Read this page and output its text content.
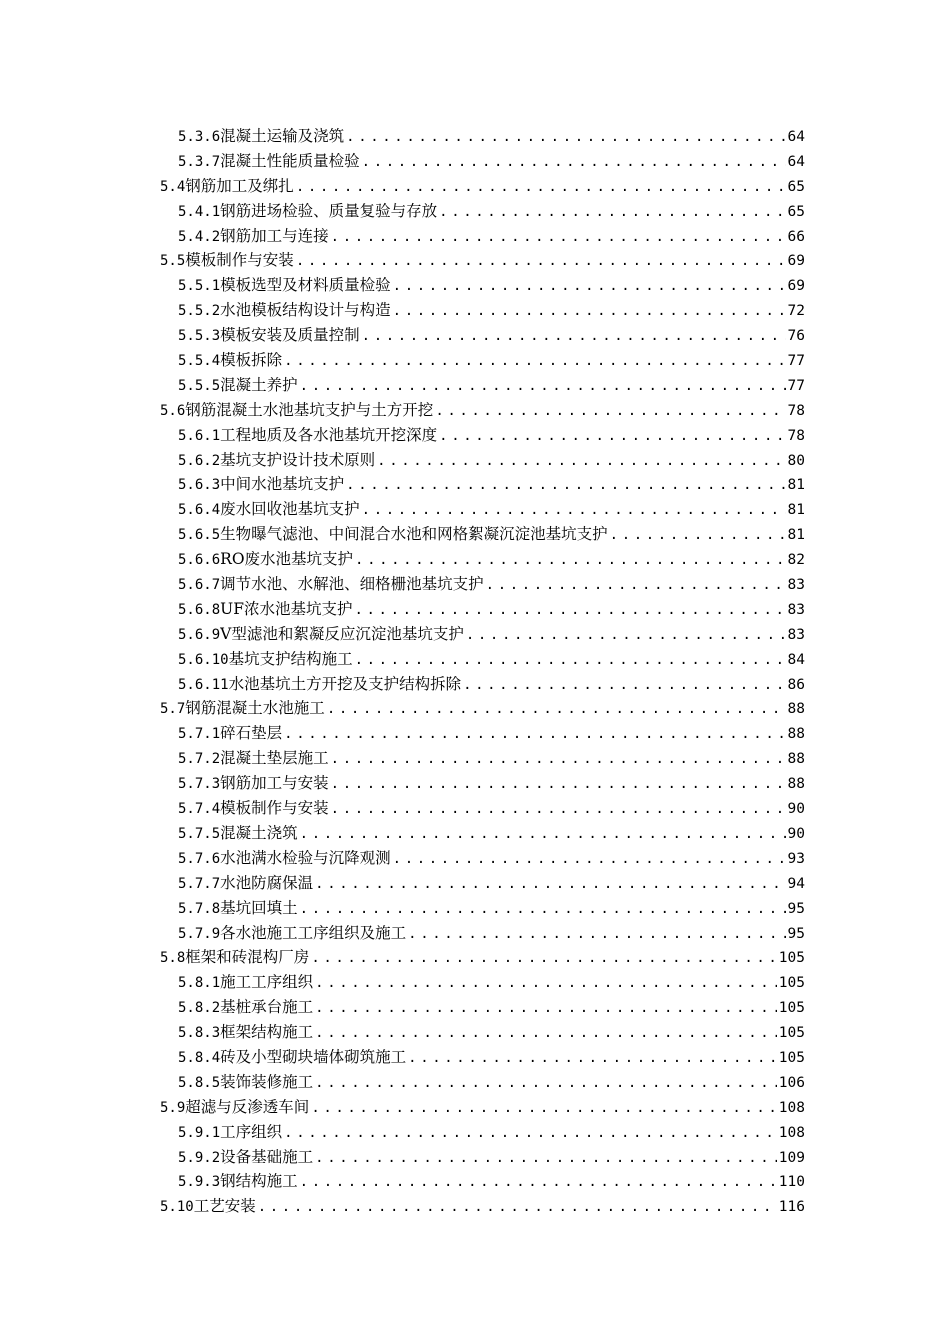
5.3.6 混凝土运输及浇筑 .....	64
5.3.7 混凝土性能质量检验 .....	64
5.4 钢筋加工及绑扎 .....	65
5.4.1 钢筋进场检验、质量复验与存放 .....	65
5.4.2 钢筋加工与连接 .....	66
5.5 模板制作与安装 .....	69
5.5.1 模板选型及材料质量检验 .....	69
5.5.2 水池模板结构设计与构造 .....	72
5.5.3 模板安装及质量控制 .....	76
5.5.4 模板拆除 .....	77
5.5.5 混凝土养护 .....	77
5.6 钢筋混凝土水池基坑支护与土方开挖 .....	78
5.6.1 工程地质及各水池基坑开挖深度 .....	78
5.6.2 基坑支护设计技术原则 .....	80
5.6.3 中间水池基坑支护 .....	81
5.6.4 废水回收池基坑支护 .....	81
5.6.5 生物曝气滤池、中间混合水池和网格絮凝沉淀池基坑支护 .....	81
5.6.6 RO废水池基坑支护 .....	82
5.6.7 调节水池、水解池、细格栅池基坑支护 .....	83
5.6.8 UF浓水池基坑支护 .....	83
5.6.9 V型滤池和絮凝反应沉淀池基坑支护 .....	83
5.6.10 基坑支护结构施工 .....	84
5.6.11 水池基坑土方开挖及支护结构拆除 .....	86
5.7 钢筋混凝土水池施工 .....	88
5.7.1 碎石垫层 .....	88
5.7.2 混凝土垫层施工 .....	88
5.7.3 钢筋加工与安装 .....	88
5.7.4 模板制作与安装 .....	90
5.7.5 混凝土浇筑 .....	90
5.7.6 水池满水检验与沉降观测 .....	93
5.7.7 水池防腐保温 .....	94
5.7.8 基坑回填土 .....	95
5.7.9 各水池施工工序组织及施工 .....	95
5.8 框架和砖混构厂房 .....	105
5.8.1 施工工序组织 .....	105
5.8.2 基桩承台施工 .....	105
5.8.3 框架结构施工 .....	105
5.8.4 砖及小型砌块墙体砌筑施工 .....	105
5.8.5 装饰装修施工 .....	106
5.9 超滤与反渗透车间 .....	108
5.9.1 工序组织 .....	108
5.9.2 设备基础施工 .....	109
5.9.3 钢结构施工 .....	110
5.10 工艺安装 .....	116
